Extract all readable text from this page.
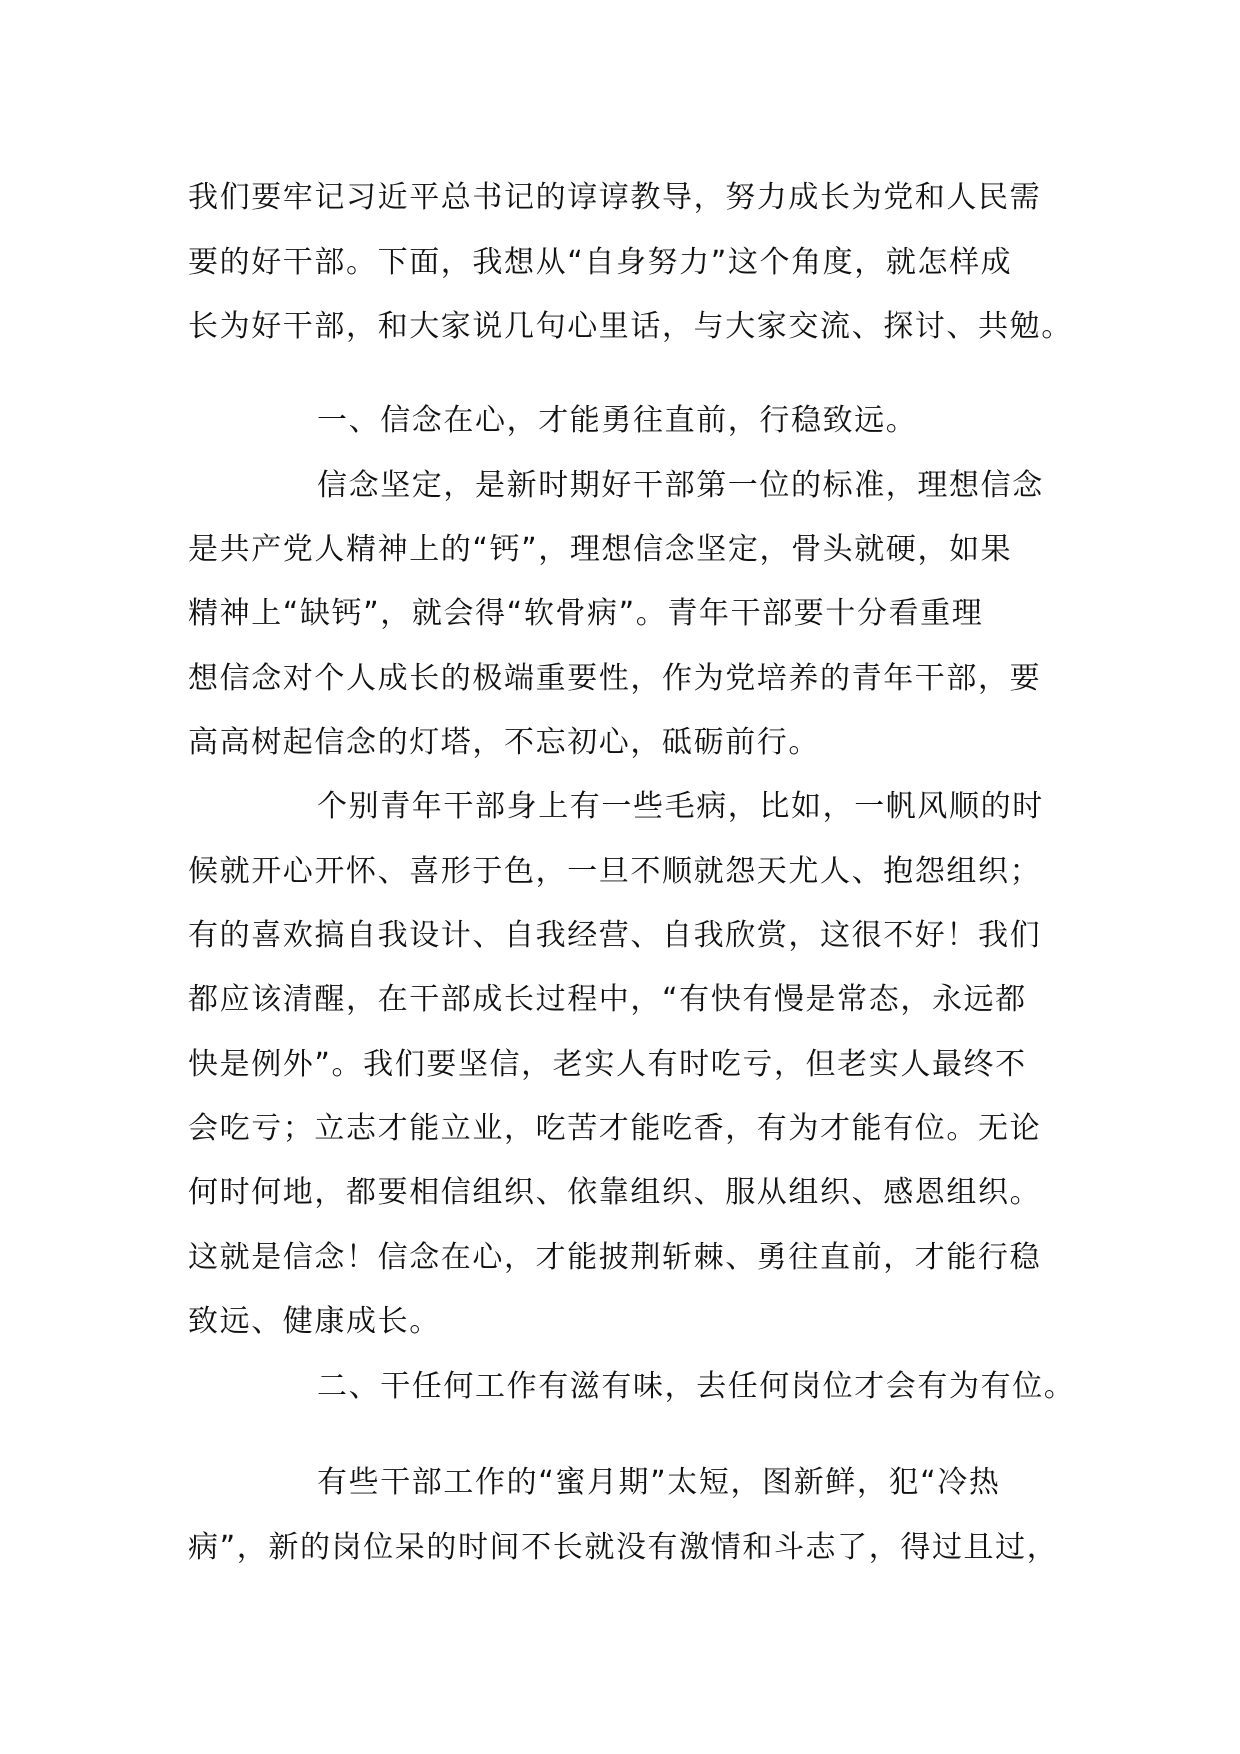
我们要牢记习近平总书记的谆谆教导，努力成长为党和人民需

要的好干部。下面，我想从“自身努力”这个角度，就怎样成

长为好干部，和大家说几句心里话，与大家交流、探讨、共勉。

一、信念在心，才能勇往直前，行稳致远。

信念坚定，是新时期好干部第一位的标准，理想信念

是共产党人精神上的“钙”，理想信念坚定，骨头就硬，如果

精神上“缺钙”，就会得“软骨病”。青年干部要十分看重理

想信念对个人成长的极端重要性，作为党培养的青年干部，要

高高树起信念的灯塔，不忘初心，砥砺前行。

个别青年干部身上有一些毛病，比如，一帆风顺的时

候就开心开怀、喜形于色，一旦不顺就怨天尤人、抱怨组织；

有的喜欢搞自我设计、自我经营、自我欣赏，这很不好！我们

都应该清醒，在干部成长过程中，“有快有慢是常态，永远都

快是例外”。我们要坚信，老实人有时吃亏，但老实人最终不

会吃亏；立志才能立业，吃苦才能吃香，有为才能有位。无论

何时何地，都要相信组织、依靠组织、服从组织、感恩组织。

这就是信念！信念在心，才能披荆斩棘、勇往直前，才能行稳

致远、健康成长。

二、干任何工作有滋有味，去任何岗位才会有为有位。

有些干部工作的“蜜月期”太短，图新鲜，犯“冷热

病”，新的岗位呆的时间不长就没有激情和斗志了，得过且过，
